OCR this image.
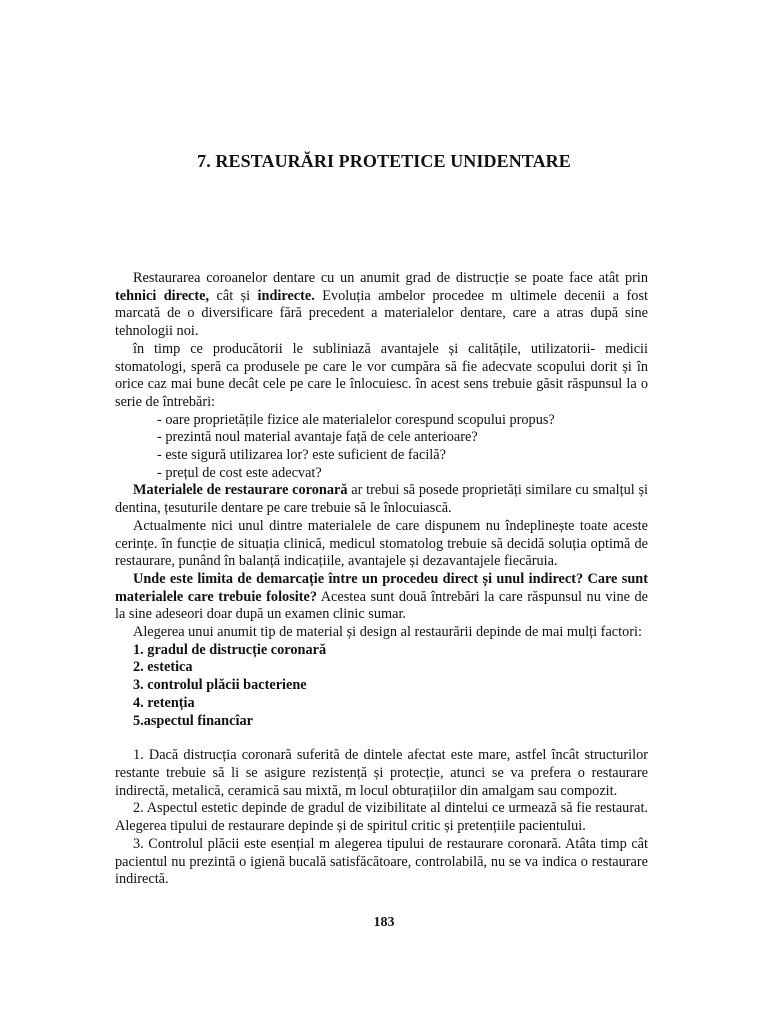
7. RESTAURĂRI PROTETICE UNIDENTARE

Restaurarea coroanelor dentare cu un anumit grad de distrucție se poate face atât prin tehnici directe, cât și indirecte. Evoluția ambelor procedee m ultimele decenii a fost marcată de o diversificare fără precedent a materialelor dentare, care a atras după sine tehnologii noi.

în timp ce producătorii le subliniază avantajele și calitățile, utilizatorii- medicii stomatologi, speră ca produsele pe care le vor cumpăra să fie adecvate scopului dorit și în orice caz mai bune decât cele pe care le înlocuiesc. în acest sens trebuie găsit răspunsul la o serie de întrebări:

- oare proprietățile fizice ale materialelor corespund scopului propus?

- prezintă noul material avantaje față de cele anterioare?

- este sigură utilizarea lor? este suficient de facilă?

- prețul de cost este adecvat?

Materialele de restaurare coronară ar trebui să posede proprietăți similare cu smalțul și dentina, țesuturile dentare pe care trebuie să le înlocuiască.

Actualmente nici unul dintre materialele de care dispunem nu îndeplinește toate aceste cerințe. în funcție de situația clinică, medicul stomatolog trebuie să decidă soluția optimă de restaurare, punând în balanță indicațiile, avantajele și dezavantajele fiecăruia.

Unde este limita de demarcație între un procedeu direct și unul indirect? Care sunt materialele care trebuie folosite? Acestea sunt două întrebări la care răspunsul nu vine de la sine adeseori doar după un examen clinic sumar.

Alegerea unui anumit tip de material și design al restaurării depinde de mai mulți factori:

1. gradul de distrucție coronară

2. estetica

3. controlul plăcii bacteriene

4. retenția

5.aspectul financîar

1. Dacă distrucția coronară suferită de dintele afectat este mare, astfel încât structurilor restante trebuie să li se asigure rezistență și protecție, atunci se va prefera o restaurare indirectă, metalică, ceramică sau mixtă, m locul obturațiilor din amalgam sau compozit.

2. Aspectul estetic depinde de gradul de vizibilitate al dintelui ce urmează să fie restaurat. Alegerea tipului de restaurare depinde și de spiritul critic și pretențiile pacientului.

3. Controlul plăcii este esențial m alegerea tipului de restaurare coronară. Atâta timp cât pacientul nu prezintă o igienă bucală satisfăcătoare, controlabilă, nu se va indica o restaurare indirectă.

183
